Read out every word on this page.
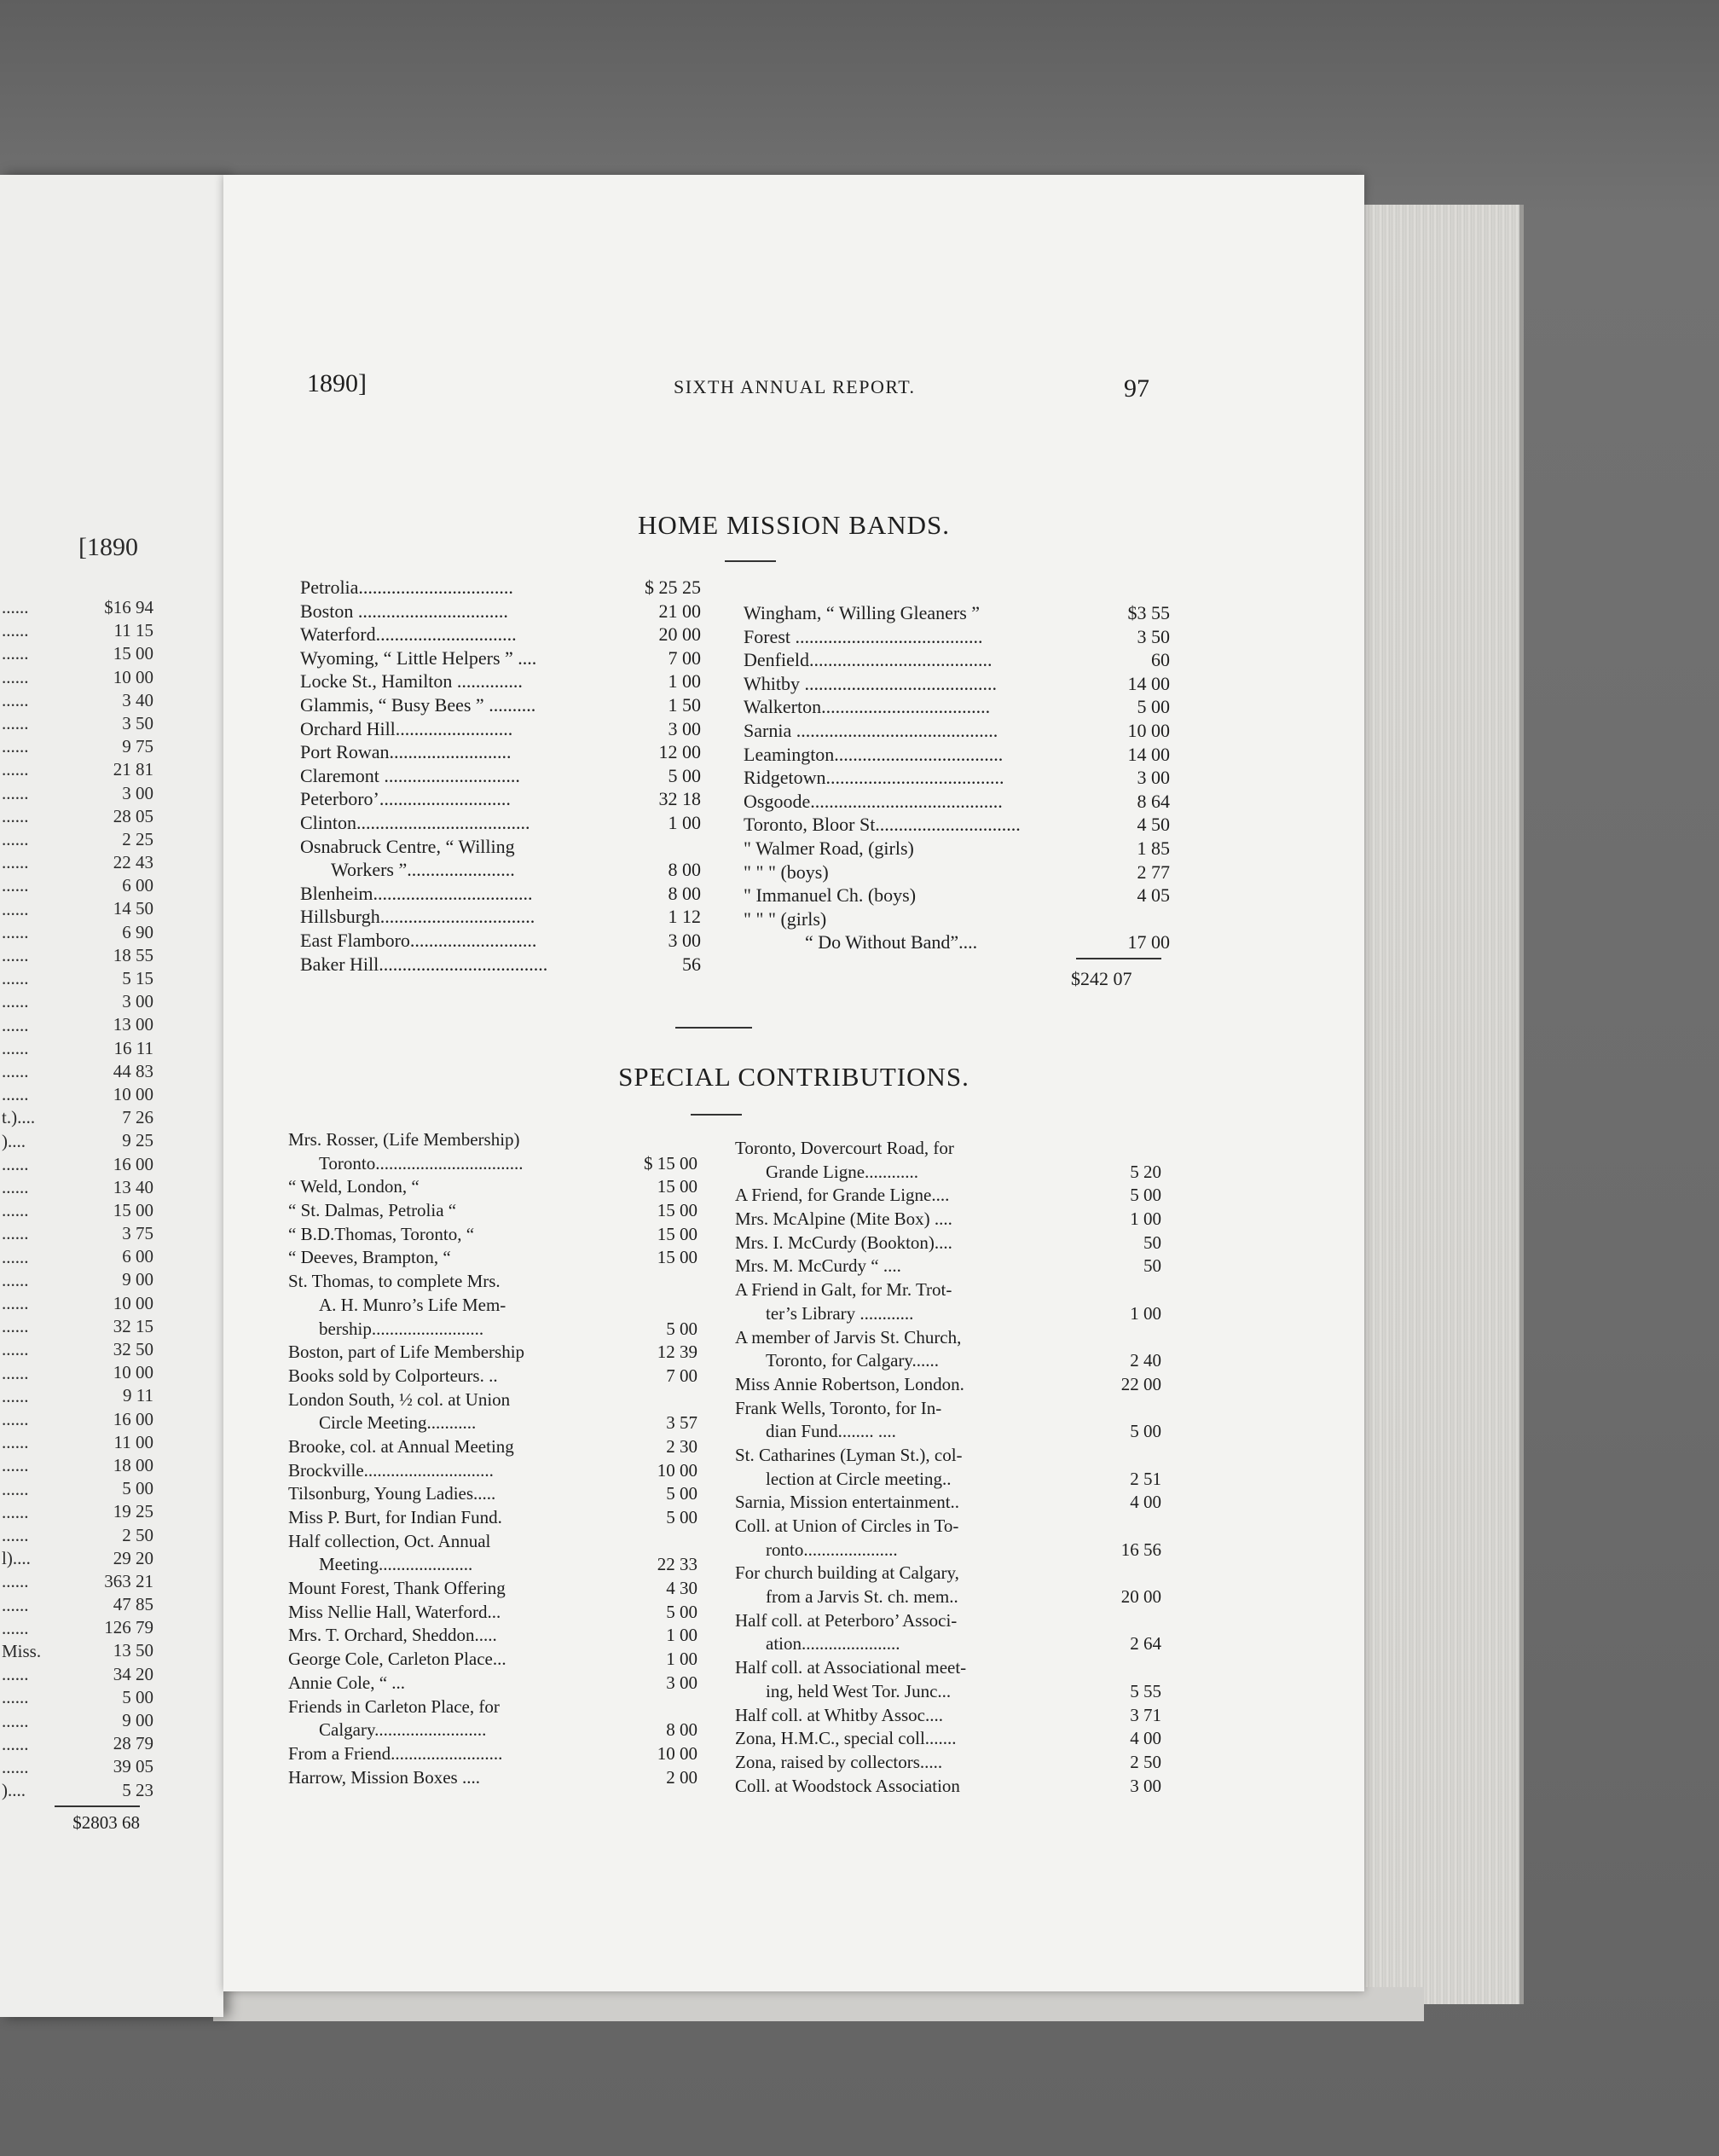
[1890
......	$16 94
......	11 15
......	15 00
......	10 00
......	3 40
......	3 50
......	9 75
......	21 81
......	3 00
......	28 05
......	2 25
......	22 43
......	6 00
......	14 50
......	6 90
......	18 55
......	5 15
......	3 00
......	13 00
......	16 11
......	44 83
......	10 00
t.)....	7 26
)....	9 25
......	16 00
......	13 40
......	15 00
......	3 75
......	6 00
......	9 00
......	10 00
......	32 15
......	32 50
......	10 00
......	9 11
......	16 00
......	11 00
......	18 00
......	5 00
......	19 25
......	2 50
l)....	29 20
......	363 21
......	47 85
......	126 79
Miss.	13 50
......	34 20
......	5 00
......	9 00
......	28 79
......	39 05
)....	5 23
$2803 68
1890]	SIXTH ANNUAL REPORT.	97
HOME MISSION BANDS.
Petrolia.................................	$ 25 25
Boston ................................	21 00
Waterford..............................	20 00
Wyoming, “ Little Helpers ” ....	7 00
Locke St., Hamilton ..............	1 00
Glammis, “ Busy Bees ” ..........	1 50
Orchard Hill.........................	3 00
Port Rowan..........................	12 00
Claremont .............................	5 00
Peterboro’............................	32 18
Clinton.....................................	1 00
Osnabruck Centre, “ Willing
Workers ”.......................	8 00
Blenheim..................................	8 00
Hillsburgh.................................	1 12
East Flamboro...........................	3 00
Baker Hill....................................	56
Wingham, “ Willing Gleaners ”	$3 55
Forest ........................................	3 50
Denfield.......................................	60
Whitby .........................................	14 00
Walkerton....................................	5 00
Sarnia ...........................................	10 00
Leamington....................................	14 00
Ridgetown......................................	3 00
Osgoode.........................................	8 64
Toronto, Bloor St...............................	4 50
" Walmer Road, (girls)	1 85
" " " (boys)	2 77
" Immanuel Ch. (boys)	4 05
" " " (girls)
“ Do Without Band”....	17 00
$242 07
SPECIAL CONTRIBUTIONS.
Mrs. Rosser, (Life Membership)
Toronto.................................	$ 15 00
“ Weld, London, “	15 00
“ St. Dalmas, Petrolia “	15 00
“ B.D.Thomas, Toronto, “	15 00
“ Deeves, Brampton, “	15 00
St. Thomas, to complete Mrs.
A. H. Munro’s Life Mem-
bership.........................	5 00
Boston, part of Life Membership	12 39
Books sold by Colporteurs. ..	7 00
London South, ½ col. at Union
Circle Meeting...........	3 57
Brooke, col. at Annual Meeting	2 30
Brockville.............................	10 00
Tilsonburg, Young Ladies.....	5 00
Miss P. Burt, for Indian Fund.	5 00
Half collection, Oct. Annual
Meeting.....................	22 33
Mount Forest, Thank Offering	4 30
Miss Nellie Hall, Waterford...	5 00
Mrs. T. Orchard, Sheddon.....	1 00
George Cole, Carleton Place...	1 00
Annie Cole, “ ...	3 00
Friends in Carleton Place, for
Calgary.........................	8 00
From a Friend.........................	10 00
Harrow, Mission Boxes ....	2 00
Toronto, Dovercourt Road, for
Grande Ligne............	5 20
A Friend, for Grande Ligne....	5 00
Mrs. McAlpine (Mite Box) ....	1 00
Mrs. I. McCurdy (Bookton)....	50
Mrs. M. McCurdy “ ....	50
A Friend in Galt, for Mr. Trot-
ter’s Library ............	1 00
A member of Jarvis St. Church,
Toronto, for Calgary......	2 40
Miss Annie Robertson, London.	22 00
Frank Wells, Toronto, for In-
dian Fund........ ....	5 00
St. Catharines (Lyman St.), col-
lection at Circle meeting..	2 51
Sarnia, Mission entertainment..	4 00
Coll. at Union of Circles in To-
ronto.....................	16 56
For church building at Calgary,
from a Jarvis St. ch. mem..	20 00
Half coll. at Peterboro’ Associ-
ation......................	2 64
Half coll. at Associational meet-
ing, held West Tor. Junc...	5 55
Half coll. at Whitby Assoc....	3 71
Zona, H.M.C., special coll.......	4 00
Zona, raised by collectors.....	2 50
Coll. at Woodstock Association	3 00
